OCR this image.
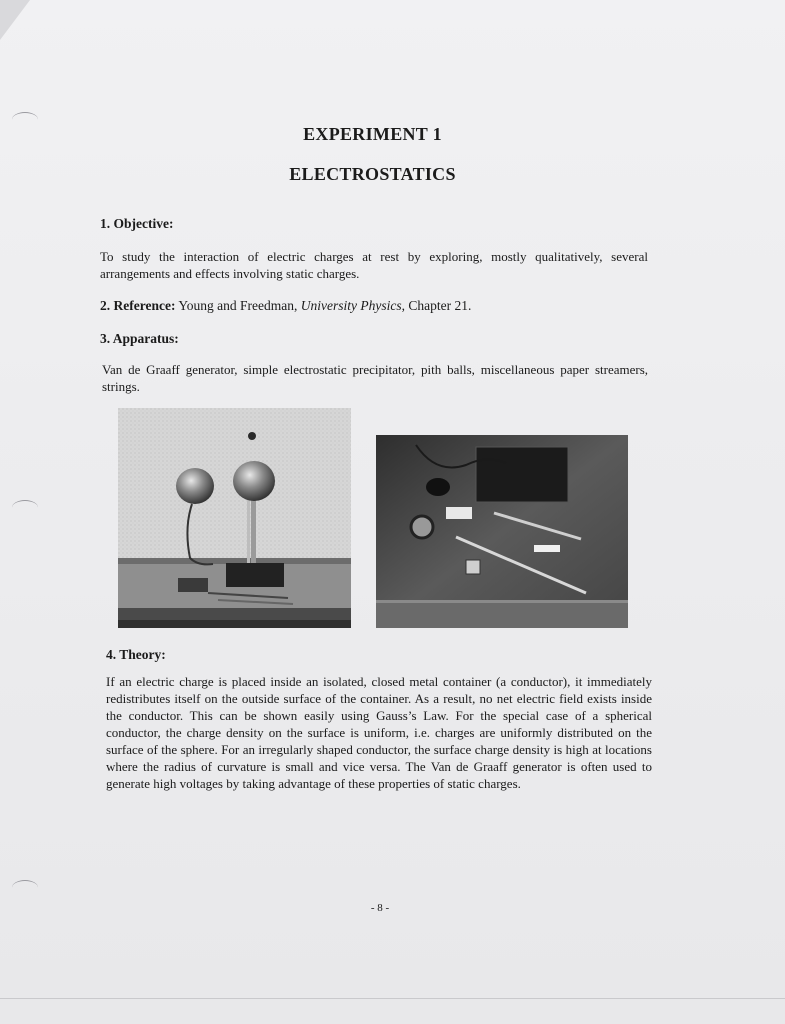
EXPERIMENT 1
ELECTROSTATICS
1. Objective:
To study the interaction of electric charges at rest by exploring, mostly qualitatively, several arrangements and effects involving static charges.
2. Reference: Young and Freedman, University Physics, Chapter 21.
3. Apparatus:
Van de Graaff generator, simple electrostatic precipitator, pith balls, miscellaneous paper streamers, strings.
4. Theory:
If an electric charge is placed inside an isolated, closed metal container (a conductor), it immediately redistributes itself on the outside surface of the container. As a result, no net electric field exists inside the conductor. This can be shown easily using Gauss’s Law. For the special case of a spherical conductor, the charge density on the surface is uniform, i.e. charges are uniformly distributed on the surface of the sphere. For an irregularly shaped conductor, the surface charge density is high at locations where the radius of curvature is small and vice versa. The Van de Graaff generator is often used to generate high voltages by taking advantage of these properties of static charges.
- 8 -
